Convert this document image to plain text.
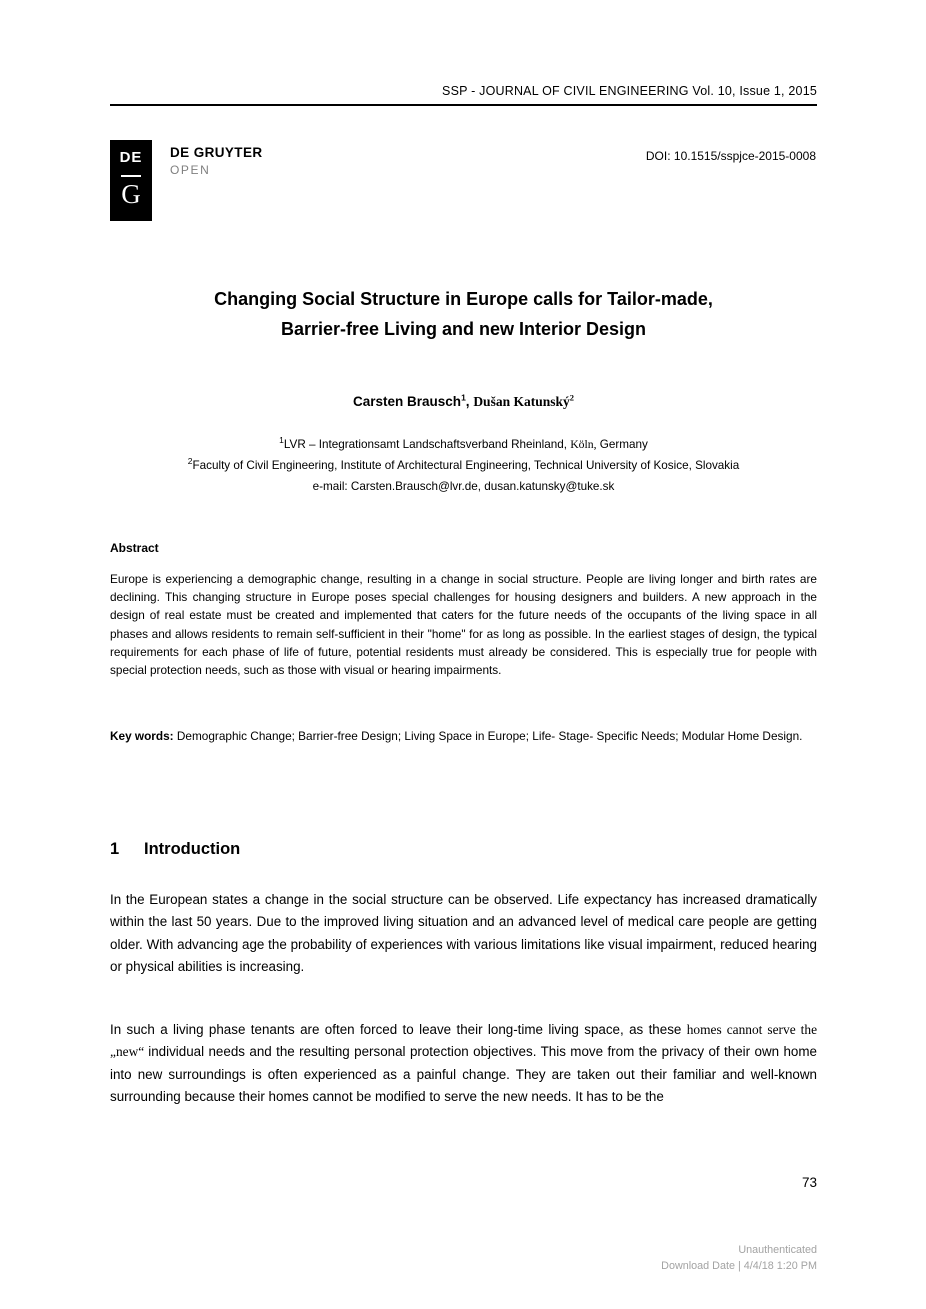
SSP - JOURNAL OF CIVIL ENGINEERING Vol. 10, Issue 1, 2015
DE
G
DE GRUYTER
OPEN
DOI: 10.1515/sspjce-2015-0008
Changing Social Structure in Europe calls for Tailor-made,
Barrier-free Living and new Interior Design
Carsten Brausch$^1$, Dušan Katunský$^2$
$^1$LVR – Integrationsamt Landschaftsverband Rheinland, Köln, Germany
$^2$Faculty of Civil Engineering, Institute of Architectural Engineering, Technical University of Kosice, Slovakia
e-mail: Carsten.Brausch@lvr.de, dusan.katunsky@tuke.sk
Abstract
Europe is experiencing a demographic change, resulting in a change in social structure. People are living longer and birth rates are declining. This changing structure in Europe poses special challenges for housing designers and builders. A new approach in the design of real estate must be created and implemented that caters for the future needs of the occupants of the living space in all phases and allows residents to remain self-sufficient in their "home" for as long as possible. In the earliest stages of design, the typical requirements for each phase of life of future, potential residents must already be considered. This is especially true for people with special protection needs, such as those with visual or hearing impairments.
Key words: Demographic Change; Barrier-free Design; Living Space in Europe; Life- Stage- Specific Needs; Modular Home Design.
1 Introduction
In the European states a change in the social structure can be observed. Life expectancy has increased dramatically within the last 50 years. Due to the improved living situation and an advanced level of medical care people are getting older. With advancing age the probability of experiences with various limitations like visual impairment, reduced hearing or physical abilities is increasing.
In such a living phase tenants are often forced to leave their long-time living space, as these homes cannot serve the „new“ individual needs and the resulting personal protection objectives. This move from the privacy of their own home into new surroundings is often experienced as a painful change. They are taken out their familiar and well-known surrounding because their homes cannot be modified to serve the new needs. It has to be the
73
Unauthenticated
Download Date | 4/4/18 1:20 PM
